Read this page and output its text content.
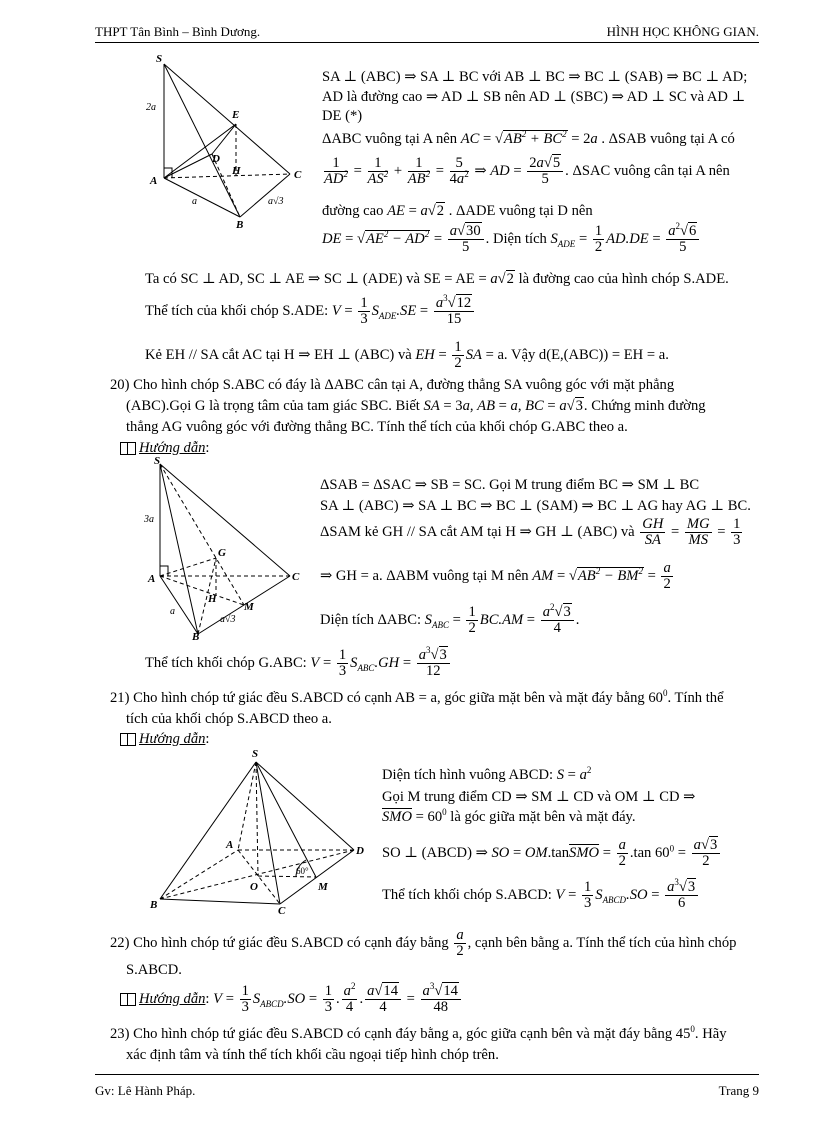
THPT Tân Bình – Bình Dương.	HÌNH HỌC KHÔNG GIAN.
S
A
B
C
D
E
H
2a
a	a√3
SA ⊥ (ABC) ⇒ SA ⊥ BC với AB ⊥ BC ⇒ BC ⊥ (SAB) ⇒ BC ⊥ AD;
AD là đường cao ⇒ AD ⊥ SB nên AD ⊥ (SBC) ⇒ AD ⊥ SC và AD ⊥
DE (*)
ΔABC vuông tại A nên AC = $√AB^2 + BC^2 = 2a$ . ΔSAB vuông tại A có
$\frac{1}{AD^2} = \frac{1}{AS^2} + \frac{1}{AB^2} = \frac{5}{4a^2}$ ⇒ AD = $\frac{2a√5}{5}$ . ΔSAC vuông cân tại A nên
đường cao AE = a√2 . ΔADE vuông tại D nên
DE = $√AE^2 - AD^2 = \frac{a√30}{5}$ . Diện tích $S_{ADE} = \frac{1}{2} AD.DE = \frac{a^2√6}{5}$
Ta có SC ⊥ AD, SC ⊥ AE ⇒ SC ⊥ (ADE) và SE = AE = a√2 là đường cao của hình chóp S.ADE.
Thể tích của khối chóp S.ADE: $V = \frac{1}{3} S_{ADE}.SE = \frac{a^3√12}{15}$
Kẻ EH // SA cắt AC tại H ⇒ EH ⊥ (ABC) và EH = $\frac{1}{2}$ SA = a. Vậy d(E,(ABC)) = EH = a.
20) Cho hình chóp S.ABC có đáy là ΔABC cân tại A, đường thẳng SA vuông góc với mặt phẳng
(ABC).Gọi G là trọng tâm của tam giác SBC. Biết SA = 3a, AB = a, BC = a√3. Chứng minh đường
thẳng AG vuông góc với đường thẳng BC. Tính thể tích của khối chóp G.ABC theo a.
Hướng dẫn:
S
A
B
C
G
H
M
3a
a
a√3
ΔSAB = ΔSAC ⇒ SB = SC. Gọi M trung điểm BC ⇒ SM ⊥ BC
SA ⊥ (ABC) ⇒ SA ⊥ BC ⇒ BC ⊥ (SAM) ⇒ BC ⊥ AG hay AG ⊥ BC.
ΔSAM kẻ GH // SA cắt AM tại H ⇒ GH ⊥ (ABC) và $\frac{GH}{SA} = \frac{MG}{MS} = \frac{1}{3}$
⇒ GH = a. ΔABM vuông tại M nên AM = $√AB^2 - BM^2 = \frac{a}{2}$
Diện tích ΔABC: $S_{ABC} = \frac{1}{2} BC.AM = \frac{a^2√3}{4}$ .
Thể tích khối chóp G.ABC: $V = \frac{1}{3} S_{ABC}.GH = \frac{a^3√3}{12}$
21) Cho hình chóp tứ giác đều S.ABCD có cạnh AB = a, góc giữa mặt bên và mặt đáy bằng $60^0$. Tính thể
tích của khối chóp S.ABCD theo a.
Hướng dẫn:
S
A
B	C
D
O	M
60°
Diện tích hình vuông ABCD: $S = a^2$
Gọi M trung điểm CD ⇒ SM ⊥ CD và OM ⊥ CD ⇒
$\overline{SMO} = 60^0$ là góc giữa mặt bên và mặt đáy.
SO ⊥ (ABCD) ⇒ SO = $OM.\tan\overline{SMO} = \frac{a}{2} .\tan$ $60^0 = \frac{a√3}{2}$
Thể tích khối chóp S.ABCD: $V = \frac{1}{3} S_{ABCD}.SO = \frac{a^3√3}{6}$
22) Cho hình chóp tứ giác đều S.ABCD có cạnh đáy bằng $\frac{a}{2}$ , cạnh bên bằng a. Tính thể tích của hình chóp
S.ABCD.
Hướng dẫn: $V = \frac{1}{3} S_{ABCD}.SO = \frac{1}{3}$ . $\frac{a^2}{4}$ . $\frac{a√14}{4} = \frac{a^3√14}{48}$
23) Cho hình chóp tứ giác đều S.ABCD có cạnh đáy bằng a, góc giữa cạnh bên và mặt đáy bằng $45^0$. Hãy
xác định tâm và tính thể tích khối cầu ngoại tiếp hình chóp trên.
Gv: Lê Hành Pháp.	Trang 9
